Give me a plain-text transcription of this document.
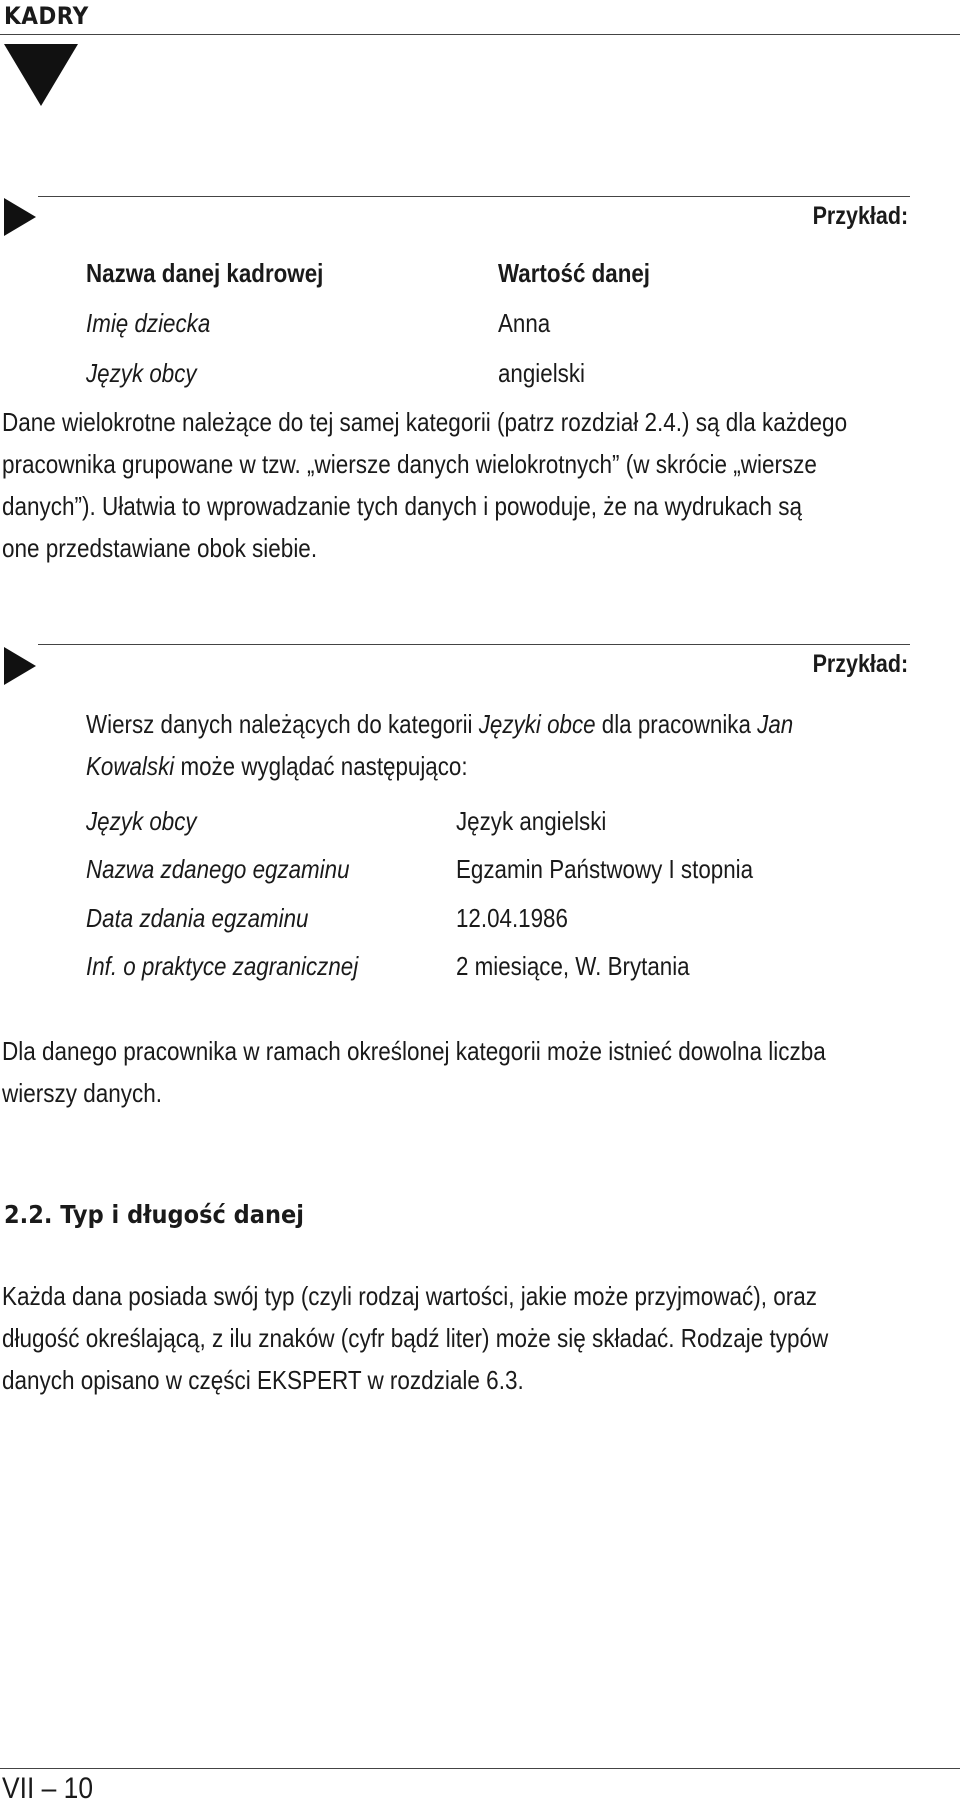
KADRY
Przykład:
Nazwa danej kadrowej	Wartość danej
Imię dziecka	Anna
Język obcy	angielski
Dane wielokrotne należące do tej samej kategorii (patrz rozdział 2.4.) są dla każdego
pracownika grupowane w tzw. „wiersze danych wielokrotnych” (w skrócie „wiersze
danych”). Ułatwia to wprowadzanie tych danych i powoduje, że na wydrukach są
one przedstawiane obok siebie.
Przykład:
Wiersz danych należących do kategorii Języki obce dla pracownika Jan
Kowalski może wyglądać następująco:
Język obcy	Język angielski
Nazwa zdanego egzaminu	Egzamin Państwowy I stopnia
Data zdania egzaminu	12.04.1986
Inf. o praktyce zagranicznej	2 miesiące, W. Brytania
Dla danego pracownika w ramach określonej kategorii może istnieć dowolna liczba
wierszy danych.
2.2. Typ i długość danej
Każda dana posiada swój typ (czyli rodzaj wartości, jakie może przyjmować), oraz
długość określającą, z ilu znaków (cyfr bądź liter) może się składać. Rodzaje typów
danych opisano w części EKSPERT w rozdziale 6.3.
VII – 10
